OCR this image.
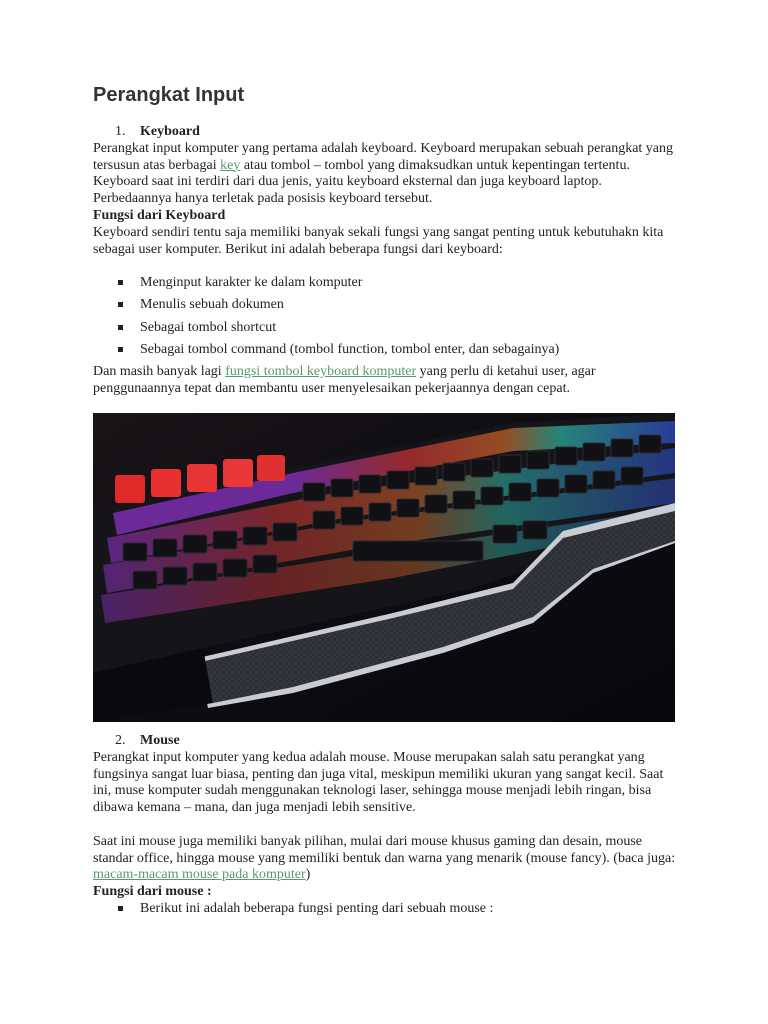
Perangkat Input
1.	Keyboard

Perangkat input komputer yang pertama adalah keyboard. Keyboard merupakan sebuah perangkat yang tersusun atas berbagai key atau tombol – tombol yang dimaksudkan untuk kepentingan tertentu. Keyboard saat ini terdiri dari dua jenis, yaitu keyboard eksternal dan juga keyboard laptop. Perbedaannya hanya terletak pada posisis keyboard tersebut.

Fungsi dari Keyboard

Keyboard sendiri tentu saja memiliki banyak sekali fungsi yang sangat penting untuk kebutuhakn kita sebagai user komputer. Berikut ini adalah beberapa fungsi dari keyboard:

Menginput karakter ke dalam komputer
Menulis sebuah dokumen
Sebagai tombol shortcut
Sebagai tombol command (tombol function, tombol enter, dan sebagainya)

Dan masih banyak lagi fungsi tombol keyboard komputer yang perlu di ketahui user, agar penggunaannya tepat dan membantu user menyelesaikan pekerjaannya dengan cepat.

2.	Mouse

Perangkat input komputer yang kedua adalah mouse. Mouse merupakan salah satu perangkat yang fungsinya sangat luar biasa, penting dan juga vital, meskipun memiliki ukuran yang sangat kecil. Saat ini, muse komputer sudah menggunakan teknologi laser, sehingga mouse menjadi lebih ringan, bisa dibawa kemana – mana, dan juga menjadi lebih sensitive.

Saat ini mouse juga memiliki banyak pilihan, mulai dari mouse khusus gaming dan desain, mouse standar office, hingga mouse yang memiliki bentuk dan warna yang menarik (mouse fancy). (baca juga: macam-macam mouse pada komputer)

Fungsi dari mouse :

Berikut ini adalah beberapa fungsi penting dari sebuah mouse :
